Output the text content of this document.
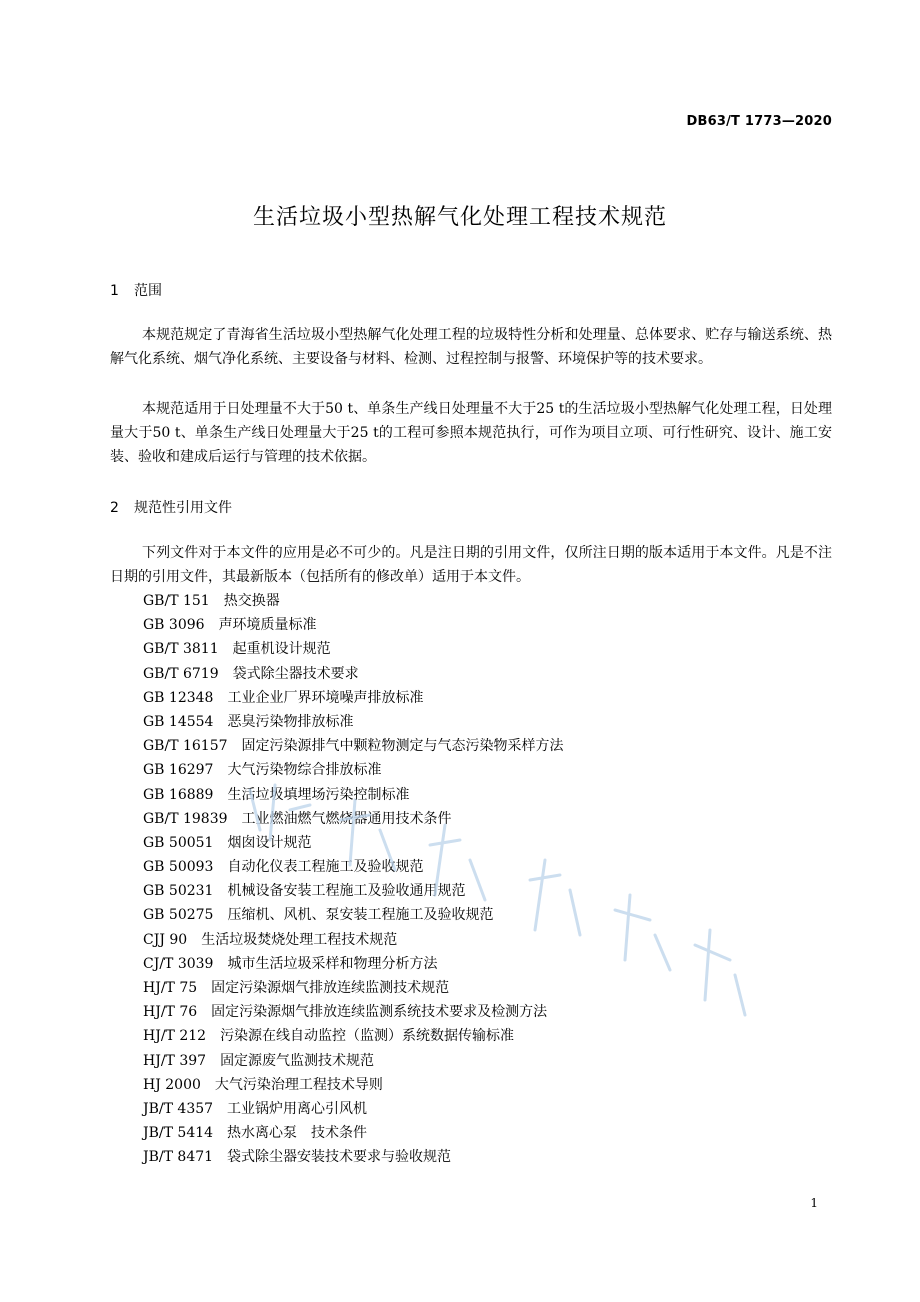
DB63/T 1773—2020
生活垃圾小型热解气化处理工程技术规范
1 范围

本规范规定了青海省生活垃圾小型热解气化处理工程的垃圾特性分析和处理量、总体要求、贮存与输送系统、热解气化系统、烟气净化系统、主要设备与材料、检测、过程控制与报警、环境保护等的技术要求。

本规范适用于日处理量不大于50 t、单条生产线日处理量不大于25 t的生活垃圾小型热解气化处理工程，日处理量大于50 t、单条生产线日处理量大于25 t的工程可参照本规范执行，可作为项目立项、可行性研究、设计、施工安装、验收和建成后运行与管理的技术依据。

2 规范性引用文件

下列文件对于本文件的应用是必不可少的。凡是注日期的引用文件，仅所注日期的版本适用于本文件。凡是不注日期的引用文件，其最新版本（包括所有的修改单）适用于本文件。

GB/T 151 热交换器
GB 3096 声环境质量标准
GB/T 3811 起重机设计规范
GB/T 6719 袋式除尘器技术要求
GB 12348 工业企业厂界环境噪声排放标准
GB 14554 恶臭污染物排放标准
GB/T 16157 固定污染源排气中颗粒物测定与气态污染物采样方法
GB 16297 大气污染物综合排放标准
GB 16889 生活垃圾填埋场污染控制标准
GB/T 19839 工业燃油燃气燃烧器通用技术条件
GB 50051 烟囱设计规范
GB 50093 自动化仪表工程施工及验收规范
GB 50231 机械设备安装工程施工及验收通用规范
GB 50275 压缩机、风机、泵安装工程施工及验收规范
CJJ 90 生活垃圾焚烧处理工程技术规范
CJ/T 3039 城市生活垃圾采样和物理分析方法
HJ/T 75 固定污染源烟气排放连续监测技术规范
HJ/T 76 固定污染源烟气排放连续监测系统技术要求及检测方法
HJ/T 212 污染源在线自动监控（监测）系统数据传输标准
HJ/T 397 固定源废气监测技术规范
HJ 2000 大气污染治理工程技术导则
JB/T 4357 工业锅炉用离心引风机
JB/T 5414 热水离心泵　技术条件
JB/T 8471 袋式除尘器安装技术要求与验收规范
1
